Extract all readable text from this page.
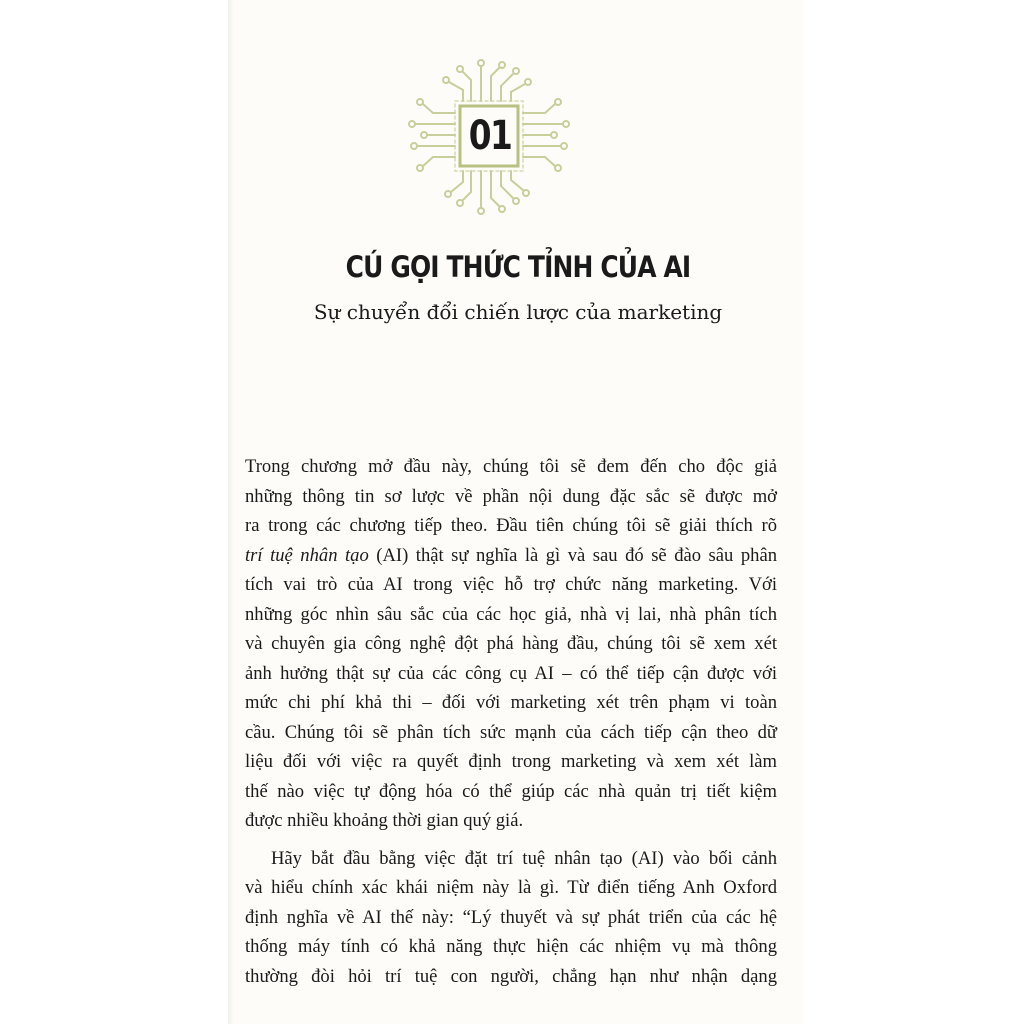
01
CÚ GỌI THỨC TỈNH CỦA AI
Sự chuyển đổi chiến lược của marketing
Trong chương mở đầu này, chúng tôi sẽ đem đến cho độc giả
những thông tin sơ lược về phần nội dung đặc sắc sẽ được mở
ra trong các chương tiếp theo. Đầu tiên chúng tôi sẽ giải thích rõ
trí tuệ nhân tạo (AI) thật sự nghĩa là gì và sau đó sẽ đào sâu phân
tích vai trò của AI trong việc hỗ trợ chức năng marketing. Với
những góc nhìn sâu sắc của các học giả, nhà vị lai, nhà phân tích
và chuyên gia công nghệ đột phá hàng đầu, chúng tôi sẽ xem xét
ảnh hưởng thật sự của các công cụ AI – có thể tiếp cận được với
mức chi phí khả thi – đối với marketing xét trên phạm vi toàn
cầu. Chúng tôi sẽ phân tích sức mạnh của cách tiếp cận theo dữ
liệu đối với việc ra quyết định trong marketing và xem xét làm
thế nào việc tự động hóa có thể giúp các nhà quản trị tiết kiệm
được nhiều khoảng thời gian quý giá.
Hãy bắt đầu bằng việc đặt trí tuệ nhân tạo (AI) vào bối cảnh
và hiểu chính xác khái niệm này là gì. Từ điển tiếng Anh Oxford
định nghĩa về AI thế này: “Lý thuyết và sự phát triển của các hệ
thống máy tính có khả năng thực hiện các nhiệm vụ mà thông
thường đòi hỏi trí tuệ con người, chẳng hạn như nhận dạng
